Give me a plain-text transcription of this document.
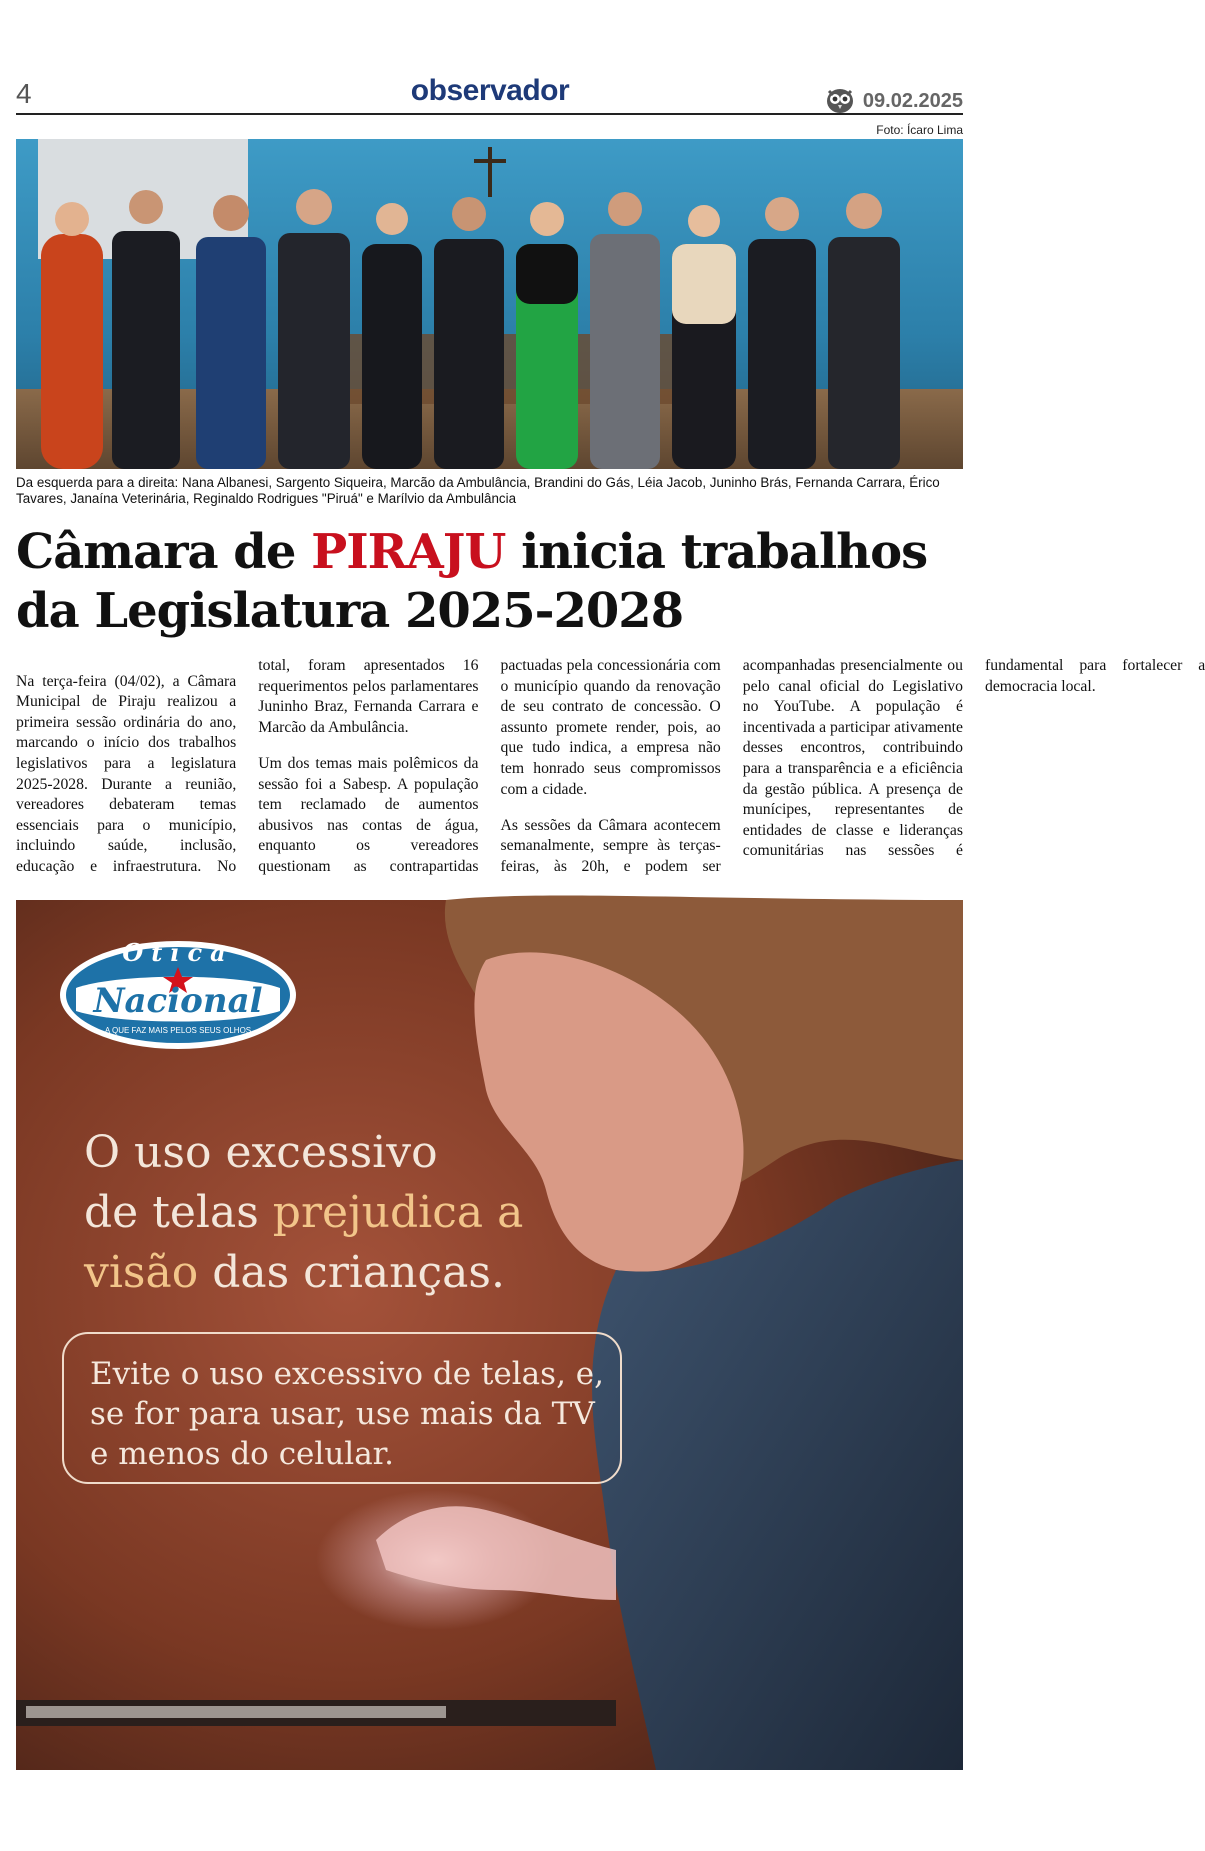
4	observador	09.02.2025
Foto: Ícaro Lima
Da esquerda para a direita: Nana Albanesi, Sargento Siqueira, Marcão da Ambulância, Brandini do Gás, Léia Jacob, Juninho Brás, Fernanda Carrara, Érico Tavares, Janaína Veterinária, Reginaldo Rodrigues "Piruá" e Marílvio da Ambulância
Câmara de PIRAJU inicia trabalhos da Legislatura 2025-2028

Na terça-feira (04/02), a Câmara Municipal de Piraju realizou a primeira sessão ordinária do ano, marcando o início dos trabalhos legislativos para a legislatura 2025-2028. Durante a reunião, vereadores debateram temas essenciais para o município, incluindo saúde, inclusão, educação e infraestrutura. No total, foram apresentados 16 requerimentos pelos parlamentares Juninho Braz, Fernanda Carrara e Marcão da Ambulância.

Um dos temas mais polêmicos da sessão foi a Sabesp. A população tem reclamado de aumentos abusivos nas contas de água, enquanto os vereadores questionam as contrapartidas pactuadas pela concessionária com o município quando da renovação de seu contrato de concessão. O assunto promete render, pois, ao que tudo indica, a empresa não tem honrado seus compromissos com a cidade.

As sessões da Câmara acontecem semanalmente, sempre às terças-feiras, às 20h, e podem ser acompanhadas presencialmente ou pelo canal oficial do Legislativo no YouTube. A população é incentivada a participar ativamente desses encontros, contribuindo para a transparência e a eficiência da gestão pública. A presença de munícipes, representantes de entidades de classe e lideranças comunitárias nas sessões é fundamental para fortalecer a democracia local.

Otica
Nacional
A QUE FAZ MAIS PELOS SEUS OLHOS
O uso excessivo
de telas prejudica a
visão das crianças.
Evite o uso excessivo de telas, e, se for para usar, use mais da TV e menos do celular.
